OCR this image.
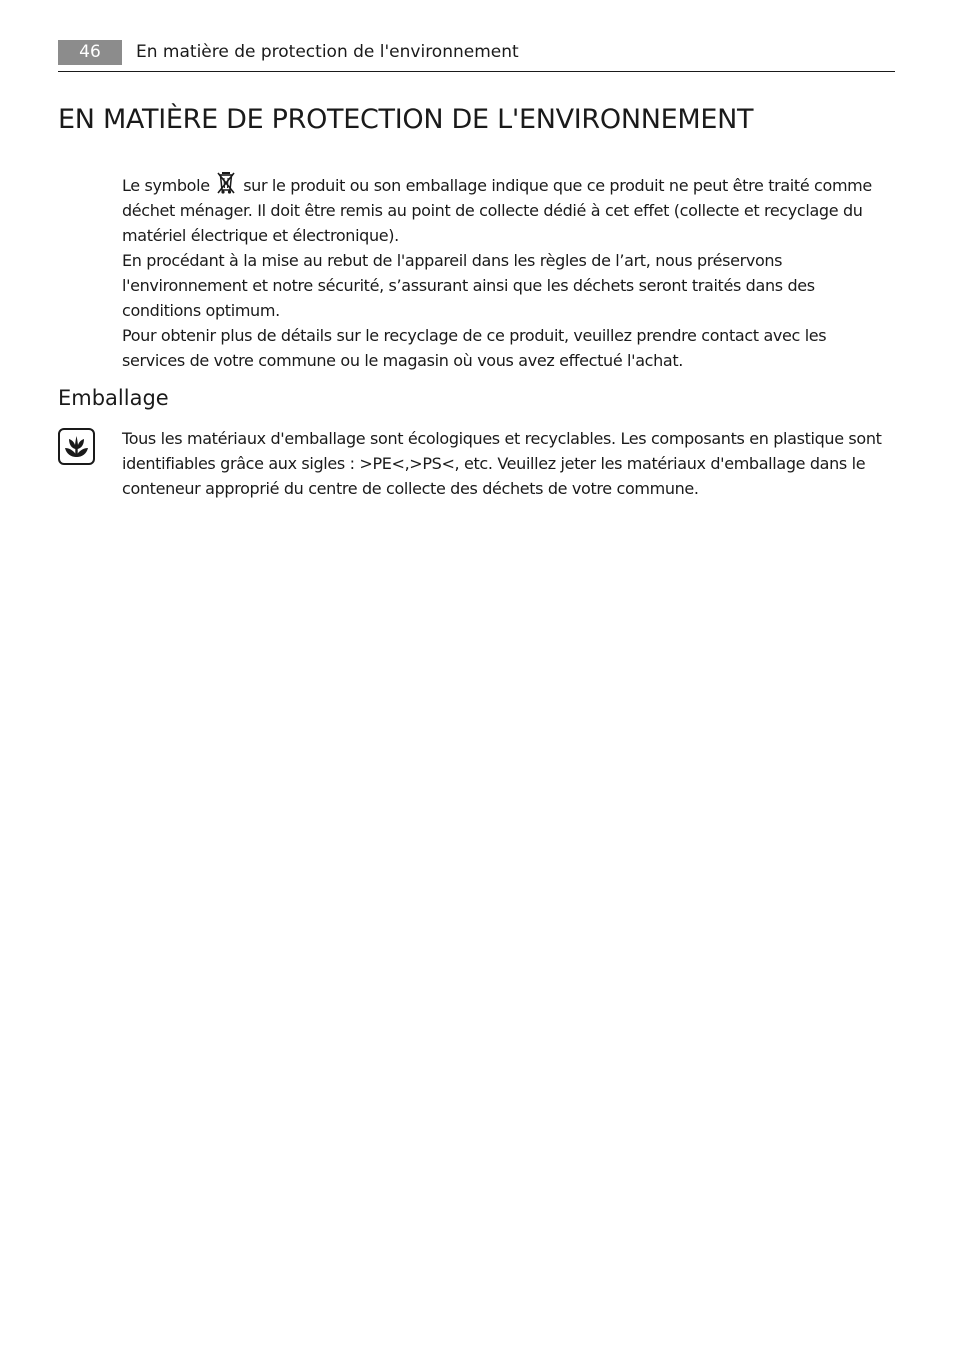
46	En matière de protection de l'environnement
EN MATIÈRE DE PROTECTION DE L'ENVIRONNEMENT

Le symbole  sur le produit ou son emballage indique que ce produit ne peut être traité comme déchet ménager. Il doit être remis au point de collecte dédié à cet effet (collecte et recyclage du matériel électrique et électronique).

En procédant à la mise au rebut de l'appareil dans les règles de l’art, nous préservons l'environnement et notre sécurité, s’assurant ainsi que les déchets seront traités dans des conditions optimum.

Pour obtenir plus de détails sur le recyclage de ce produit, veuillez prendre contact avec les services de votre commune ou le magasin où vous avez effectué l'achat.

Emballage

Tous les matériaux d'emballage sont écologiques et recyclables. Les composants en plastique sont identifiables grâce aux sigles : >PE<,>PS<, etc. Veuillez jeter les matériaux d'emballage dans le conteneur approprié du centre de collecte des déchets de votre commune.
